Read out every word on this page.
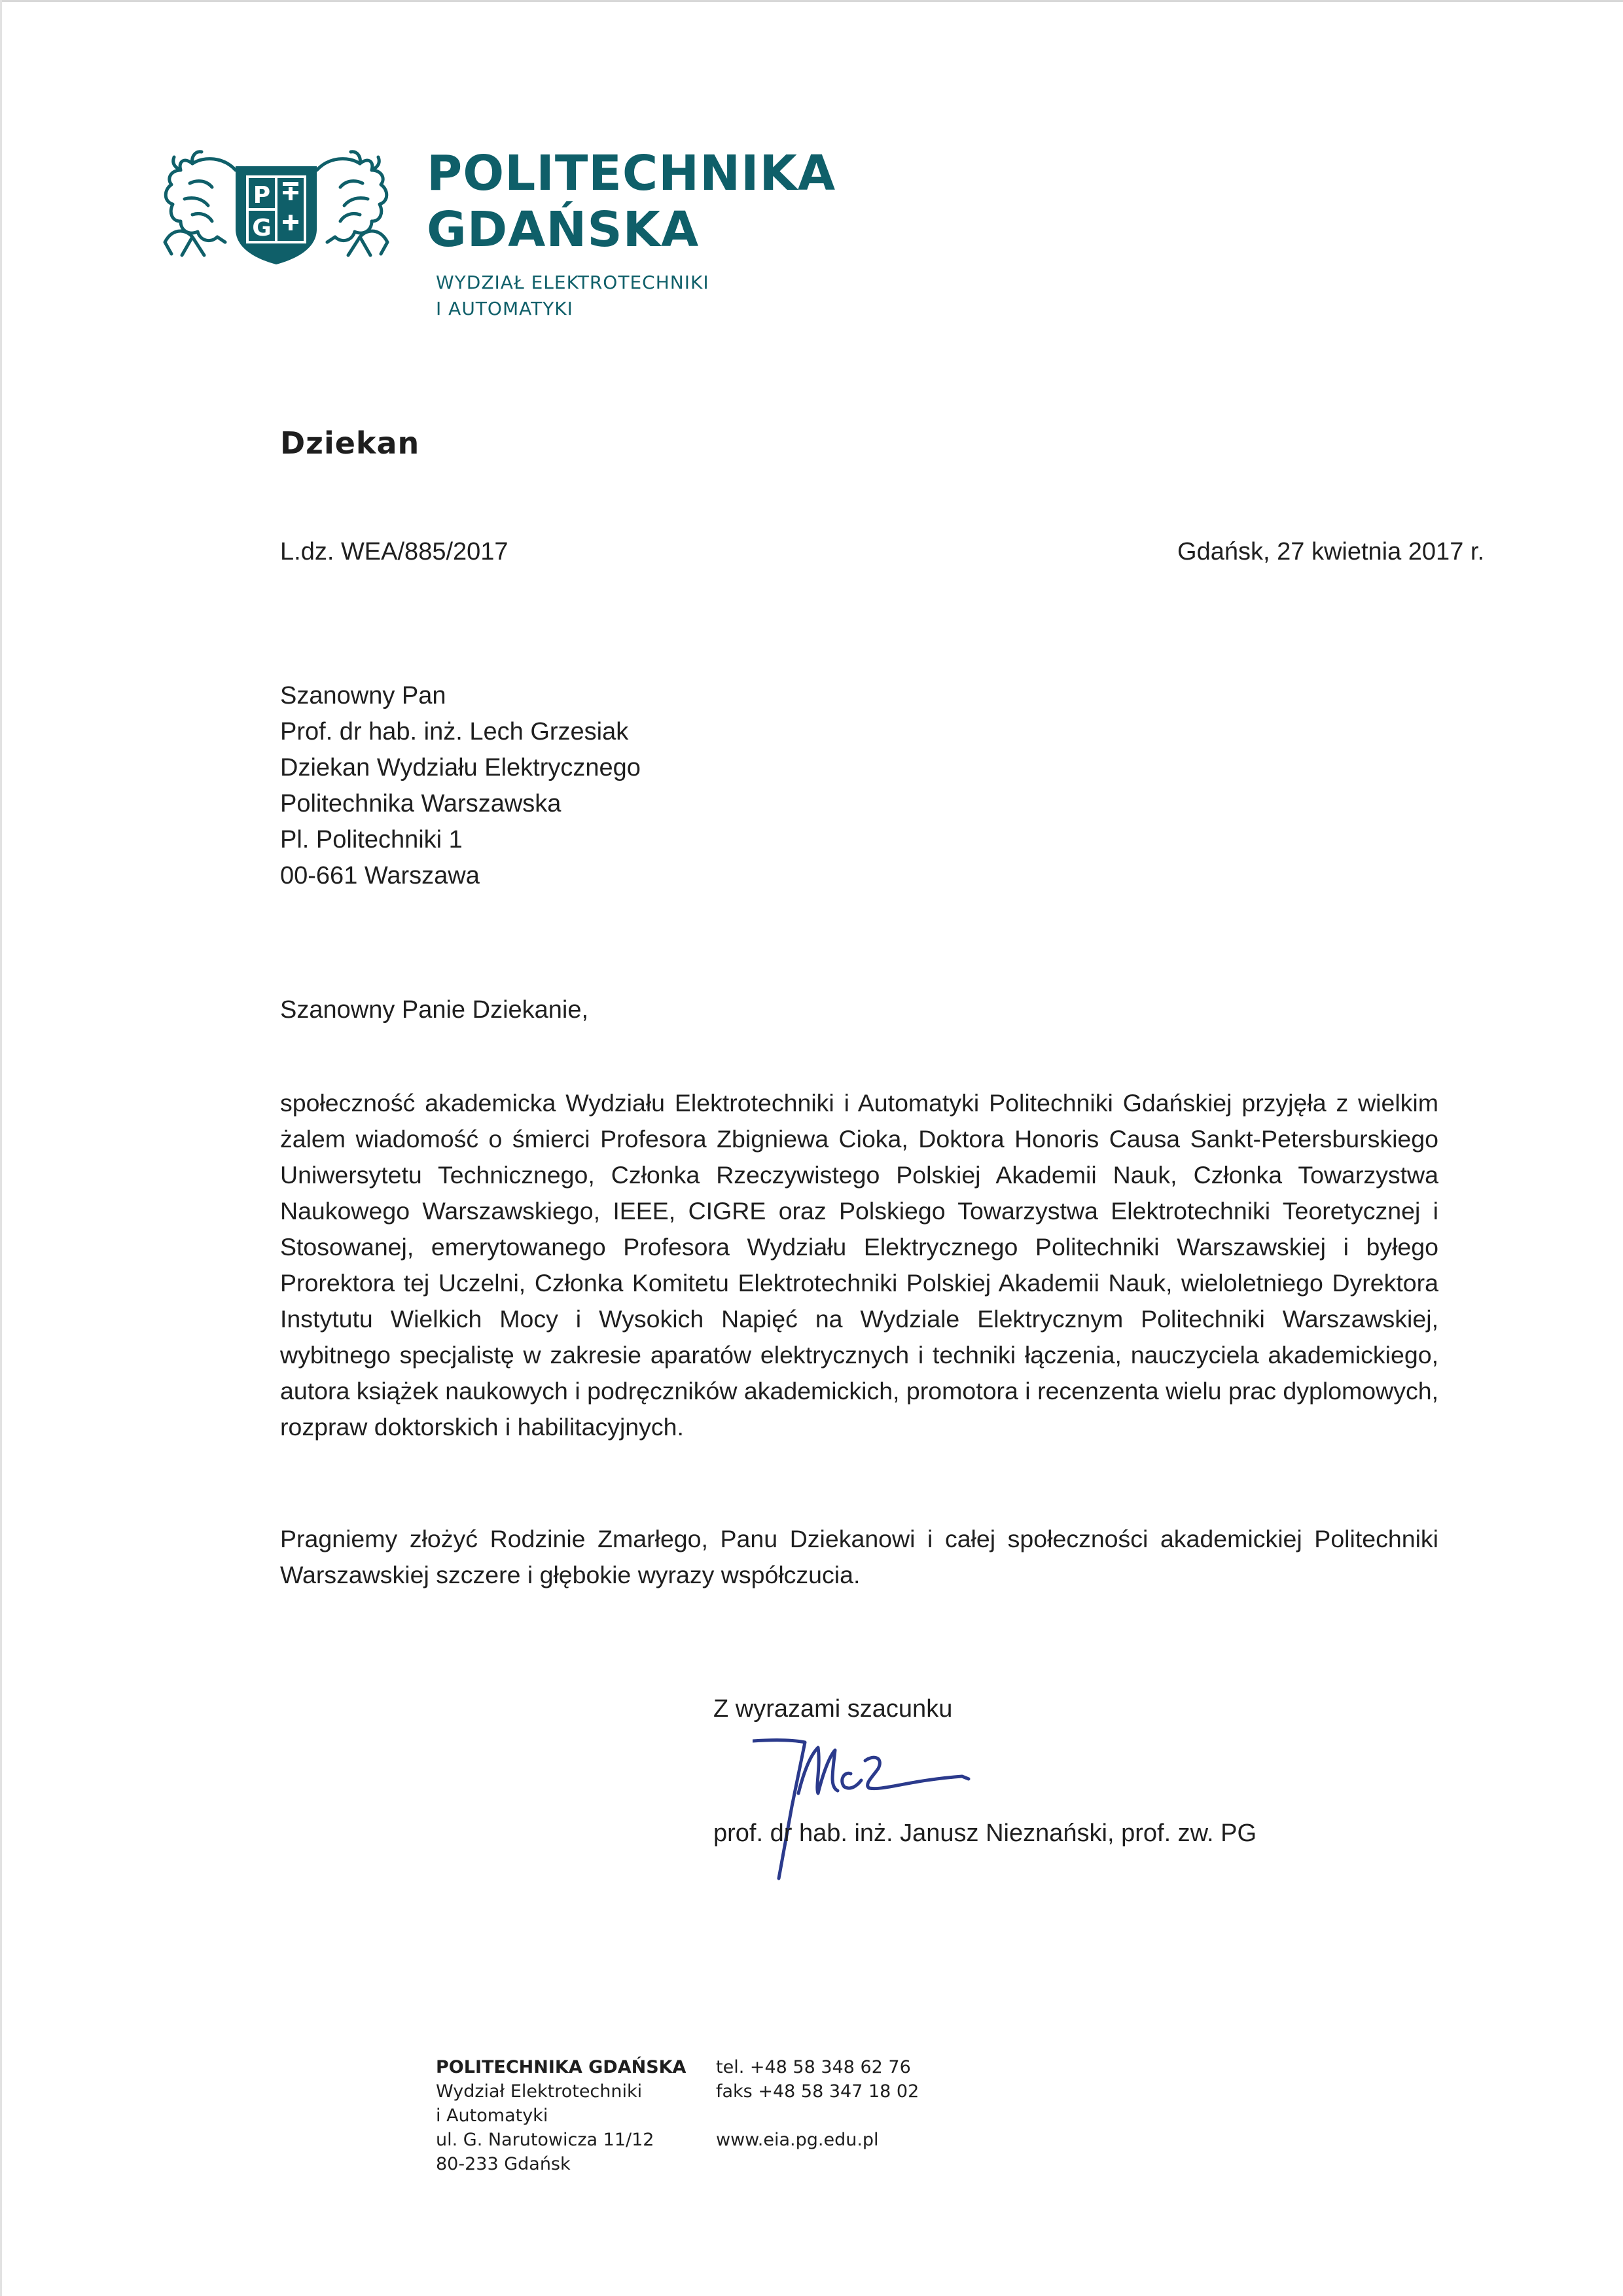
P
G
POLITECHNIKA
GDAŃSKA
WYDZIAŁ ELEKTROTECHNIKI
I AUTOMATYKI
Dziekan
L.dz. WEA/885/2017	Gdańsk, 27 kwietnia 2017 r.
Szanowny Pan
Prof. dr hab. inż. Lech Grzesiak
Dziekan Wydziału Elektrycznego
Politechnika Warszawska
Pl. Politechniki 1
00-661 Warszawa
Szanowny Panie Dziekanie,

społeczność akademicka Wydziału Elektrotechniki i Automatyki Politechniki Gdańskiej przyjęła z wielkim żalem wiadomość o śmierci Profesora Zbigniewa Cioka, Doktora Honoris Causa Sankt-Petersburskiego Uniwersytetu Technicznego, Członka Rzeczywistego Polskiej Akademii Nauk, Członka Towarzystwa Naukowego Warszawskiego, IEEE, CIGRE oraz Polskiego Towarzystwa Elektrotechniki Teoretycznej i Stosowanej, emerytowanego Profesora Wydziału Elektrycznego Politechniki Warszawskiej i byłego Prorektora tej Uczelni, Członka Komitetu Elektrotechniki Polskiej Akademii Nauk, wieloletniego Dyrektora Instytutu Wielkich Mocy i Wysokich Napięć na Wydziale Elektrycznym Politechniki Warszawskiej, wybitnego specjalistę w zakresie aparatów elektrycznych i techniki łączenia, nauczyciela akademickiego, autora książek naukowych i podręczników akademickich, promotora i recenzenta wielu prac dyplomowych, rozpraw doktorskich i habilitacyjnych.

Pragniemy złożyć Rodzinie Zmarłego, Panu Dziekanowi i całej społeczności akademickiej Politechniki Warszawskiej szczere i głębokie wyrazy współczucia.

Z wyrazami szacunku
prof. dr hab. inż. Janusz Nieznański, prof. zw. PG
POLITECHNIKA GDAŃSKA
Wydział Elektrotechniki
i Automatyki
ul. G. Narutowicza 11/12
80-233 Gdańsk
tel. +48 58 348 62 76
faks +48 58 347 18 02
www.eia.pg.edu.pl
